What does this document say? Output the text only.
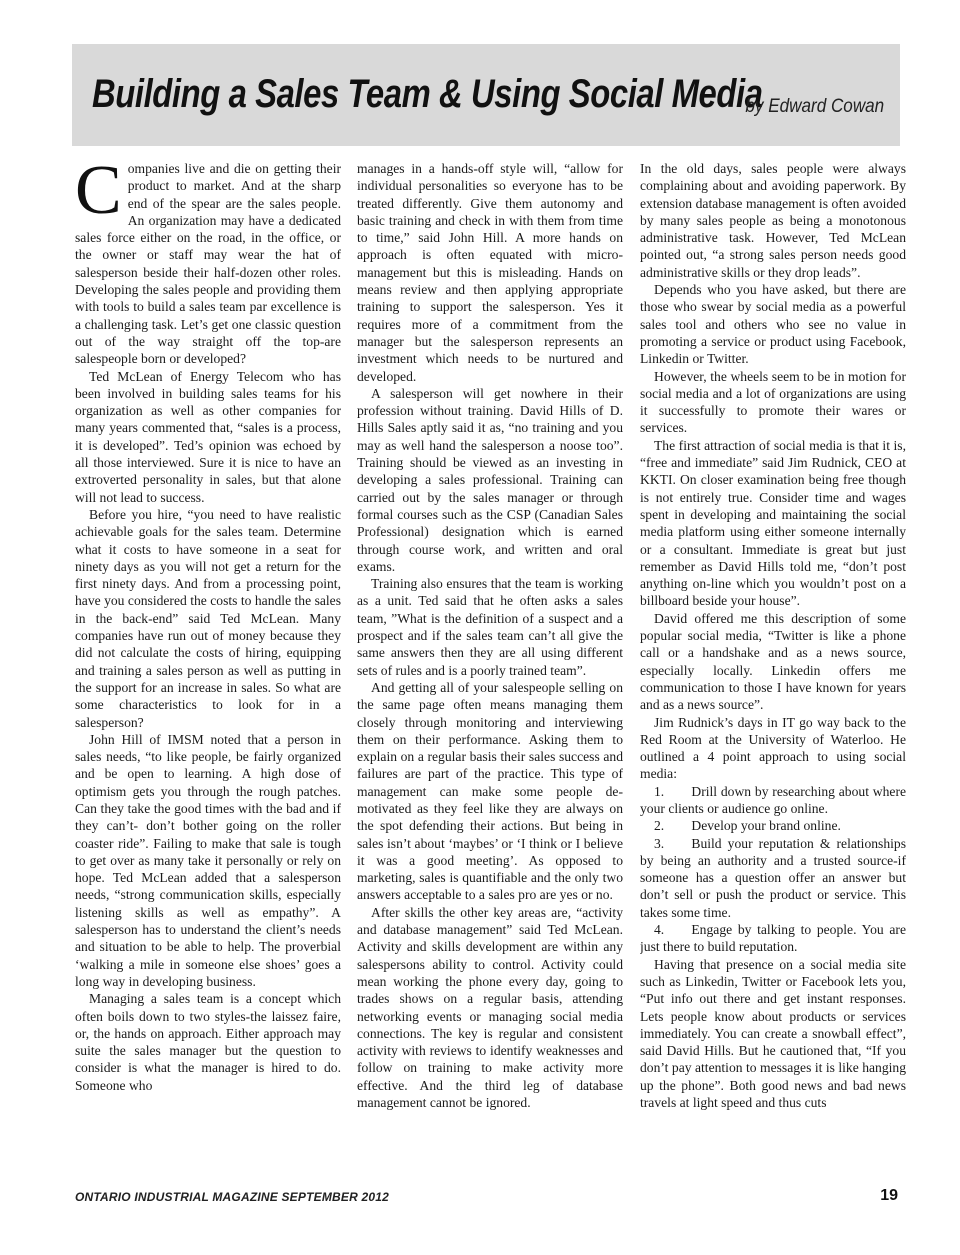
Building a Sales Team & Using Social Media
by Edward Cowan

Companies live and die on getting their product to market. And at the sharp end of the spear are the sales people. An organization may have a dedicated sales force either on the road, in the office, or the owner or staff may wear the hat of salesperson beside their half-dozen other roles. Developing the sales people and providing them with tools to build a sales team par excellence is a challenging task. Let’s get one classic question out of the way straight off the top-are salespeople born or developed?

Ted McLean of Energy Telecom who has been involved in building sales teams for his organization as well as other companies for many years commented that, “sales is a process, it is developed”. Ted’s opinion was echoed by all those interviewed. Sure it is nice to have an extroverted personality in sales, but that alone will not lead to success.

Before you hire, “you need to have realistic achievable goals for the sales team. Determine what it costs to have someone in a seat for ninety days as you will not get a return for the first ninety days. And from a processing point, have you considered the costs to handle the sales in the back-end” said Ted McLean. Many companies have run out of money because they did not calculate the costs of hiring, equipping and training a sales person as well as putting in the support for an increase in sales. So what are some characteristics to look for in a salesperson?

John Hill of IMSM noted that a person in sales needs, “to like people, be fairly organized and be open to learning. A high dose of optimism gets you through the rough patches. Can they take the good times with the bad and if they can’t- don’t bother going on the roller coaster ride”. Failing to make that sale is tough to get over as many take it personally or rely on hope. Ted McLean added that a salesperson needs, “strong communication skills, especially listening skills as well as empathy”. A salesperson has to understand the client’s needs and situation to be able to help. The proverbial ‘walking a mile in someone else shoes’ goes a long way in developing business.

Managing a sales team is a concept which often boils down to two styles-the laissez faire, or, the hands on approach. Either approach may suite the sales manager but the question to consider is what the manager is hired to do. Someone who

manages in a hands-off style will, “allow for individual personalities so everyone has to be treated differently. Give them autonomy and basic training and check in with them from time to time,” said John Hill. A more hands on approach is often equated with micro-management but this is misleading. Hands on means review and then applying appropriate training to support the salesperson. Yes it requires more of a commitment from the manager but the salesperson represents an investment which needs to be nurtured and developed.

A salesperson will get nowhere in their profession without training. David Hills of D. Hills Sales aptly said it as, “no training and you may as well hand the salesperson a noose too”. Training should be viewed as an investing in developing a sales professional. Training can carried out by the sales manager or through formal courses such as the CSP (Canadian Sales Professional) designation which is earned through course work, and written and oral exams.

Training also ensures that the team is working as a unit. Ted said that he often asks a sales team, ”What is the definition of a suspect and a prospect and if the sales team can’t all give the same answers then they are all using different sets of rules and is a poorly trained team”.

And getting all of your salespeople selling on the same page often means managing them closely through monitoring and interviewing them on their performance. Asking them to explain on a regular basis their sales success and failures are part of the practice. This type of management can make some people de-motivated as they feel like they are always on the spot defending their actions. But being in sales isn’t about ‘maybes’ or ‘I think or I believe it was a good meeting’. As opposed to marketing, sales is quantifiable and the only two answers acceptable to a sales pro are yes or no.

After skills the other key areas are, “activity and database management” said Ted McLean. Activity and skills development are within any salespersons ability to control. Activity could mean working the phone every day, going to trades shows on a regular basis, attending networking events or managing social media connections. The key is regular and consistent activity with reviews to identify weaknesses and follow on training to make activity more effective. And the third leg of database management cannot be ignored.

In the old days, sales people were always complaining about and avoiding paperwork. By extension database management is often avoided by many sales people as being a monotonous administrative task. However, Ted McLean pointed out, “a strong sales person needs good administrative skills or they drop leads”.

Depends who you have asked, but there are those who swear by social media as a powerful sales tool and others who see no value in promoting a service or product using Facebook, Linkedin or Twitter.

However, the wheels seem to be in motion for social media and a lot of organizations are using it successfully to promote their wares or services.

The first attraction of social media is that it is, “free and immediate” said Jim Rudnick, CEO at KKTI. On closer examination being free though is not entirely true. Consider time and wages spent in developing and maintaining the social media platform using either someone internally or a consultant. Immediate is great but just remember as David Hills told me, “don’t post anything on-line which you wouldn’t post on a billboard beside your house”.

David offered me this description of some popular social media, “Twitter is like a phone call or a handshake and as a news source, especially locally. Linkedin offers me communication to those I have known for years and as a news source”.

Jim Rudnick’s days in IT go way back to the Red Room at the University of Waterloo. He outlined a 4 point approach to using social media:

1.  Drill down by researching about where your clients or audience go online.

2.  Develop your brand online.

3.  Build your reputation & relationships by being an authority and a trusted source-if someone has a question offer an answer but don’t sell or push the product or service. This takes some time.

4.  Engage by talking to people. You are just there to build reputation.

Having that presence on a social media site such as Linkedin, Twitter or Facebook lets you, “Put info out there and get instant responses. Lets people know about products or services immediately. You can create a snowball effect”, said David Hills. But he cautioned that, “If you don’t pay attention to messages it is like hanging up the phone”. Both good news and bad news travels at light speed and thus cuts

ONTARIO INDUSTRIAL MAGAZINE SEPTEMBER 2012	19
